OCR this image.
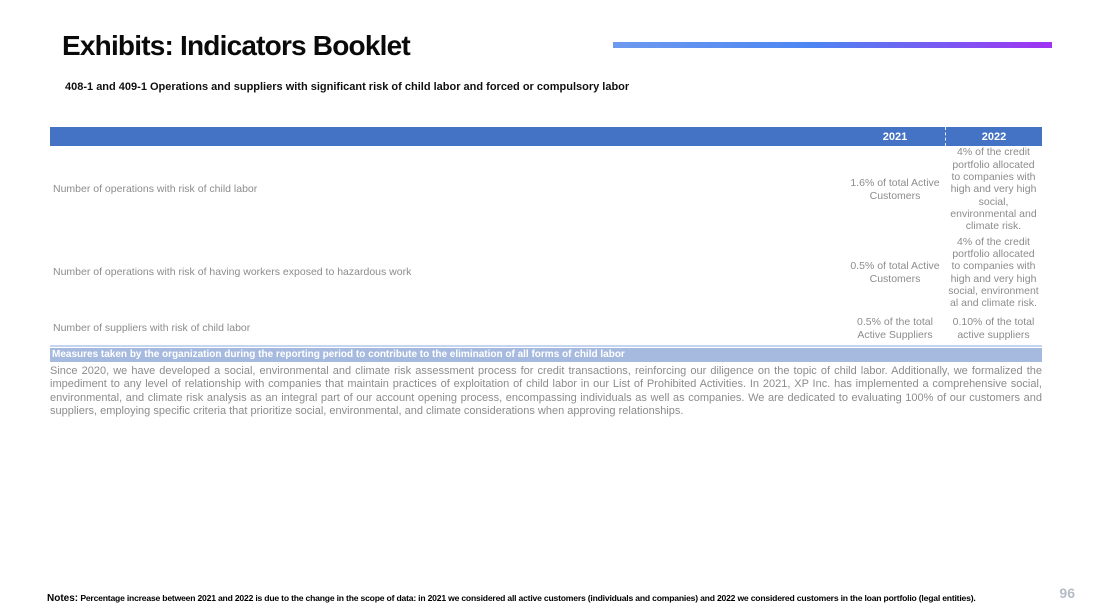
Exhibits: Indicators Booklet
408-1 and 409-1 Operations and suppliers with significant risk of child labor and forced or compulsory labor
2021	2022
Number of operations with risk of child labor
1.6% of total Active Customers
4% of the credit portfolio allocated to companies with high and very high social, environmental and climate risk.
Number of operations with risk of having workers exposed to hazardous work
0.5% of total Active Customers
4% of the credit portfolio allocated to companies with high and very high social, environment al and climate risk.
Number of suppliers with risk of child labor
0.5% of the total Active Suppliers
0.10% of the total active suppliers
Measures taken by the organization during the reporting period to contribute to the elimination of all forms of child labor

Since 2020, we have developed a social, environmental and climate risk assessment process for credit transactions, reinforcing our diligence on the topic of child labor. Additionally, we formalized the impediment to any level of relationship with companies that maintain practices of exploitation of child labor in our List of Prohibited Activities. In 2021, XP Inc. has implemented a comprehensive social, environmental, and climate risk analysis as an integral part of our account opening process, encompassing individuals as well as companies. We are dedicated to evaluating 100% of our customers and suppliers, employing specific criteria that prioritize social, environmental, and climate considerations when approving relationships.

Notes: Percentage increase between 2021 and 2022 is due to the change in the scope of data: in 2021 we considered all active customers (individuals and companies) and 2022 we considered customers in the loan portfolio (legal entities).	96
